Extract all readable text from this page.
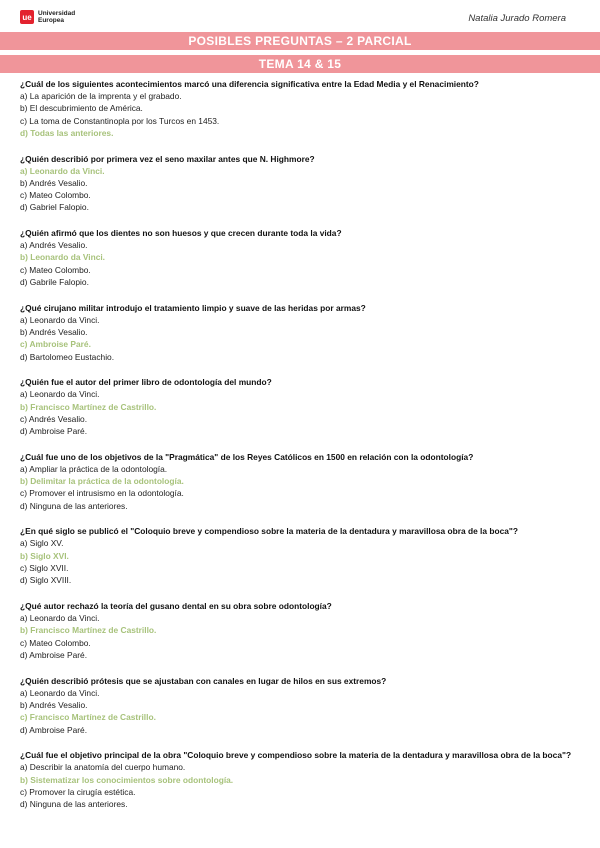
ue Universidad
Europea	Natalia Jurado Romera
POSIBLES PREGUNTAS – 2 PARCIAL
TEMA 14 & 15
¿Cuál de los siguientes acontecimientos marcó una diferencia significativa entre la Edad Media y el Renacimiento?
a) La aparición de la imprenta y el grabado.
b) El descubrimiento de América.
c) La toma de Constantinopla por los Turcos en 1453.
d) Todas las anteriores.
¿Quién describió por primera vez el seno maxilar antes que N. Highmore?
a) Leonardo da Vinci.
b) Andrés Vesalio.
c) Mateo Colombo.
d) Gabriel Falopio.
¿Quién afirmó que los dientes no son huesos y que crecen durante toda la vida?
a) Andrés Vesalio.
b) Leonardo da Vinci.
c) Mateo Colombo.
d) Gabrile Falopio.
¿Qué cirujano militar introdujo el tratamiento limpio y suave de las heridas por armas?
a) Leonardo da Vinci.
b) Andrés Vesalio.
c) Ambroise Paré.
d) Bartolomeo Eustachio.
¿Quién fue el autor del primer libro de odontología del mundo?
a) Leonardo da Vinci.
b) Francisco Martínez de Castrillo.
c) Andrés Vesalio.
d) Ambroise Paré.
¿Cuál fue uno de los objetivos de la "Pragmática" de los Reyes Católicos en 1500 en relación con la odontología?
a) Ampliar la práctica de la odontología.
b) Delimitar la práctica de la odontología.
c) Promover el intrusismo en la odontología.
d) Ninguna de las anteriores.
¿En qué siglo se publicó el "Coloquio breve y compendioso sobre la materia de la dentadura y maravillosa obra de la boca"?
a) Siglo XV.
b) Siglo XVI.
c) Siglo XVII.
d) Siglo XVIII.
¿Qué autor rechazó la teoría del gusano dental en su obra sobre odontología?
a) Leonardo da Vinci.
b) Francisco Martínez de Castrillo.
c) Mateo Colombo.
d) Ambroise Paré.
¿Quién describió prótesis que se ajustaban con canales en lugar de hilos en sus extremos?
a) Leonardo da Vinci.
b) Andrés Vesalio.
c) Francisco Martínez de Castrillo.
d) Ambroise Paré.
¿Cuál fue el objetivo principal de la obra "Coloquio breve y compendioso sobre la materia de la dentadura y maravillosa obra de la boca"?
a) Describir la anatomía del cuerpo humano.
b) Sistematizar los conocimientos sobre odontología.
c) Promover la cirugía estética.
d) Ninguna de las anteriores.
